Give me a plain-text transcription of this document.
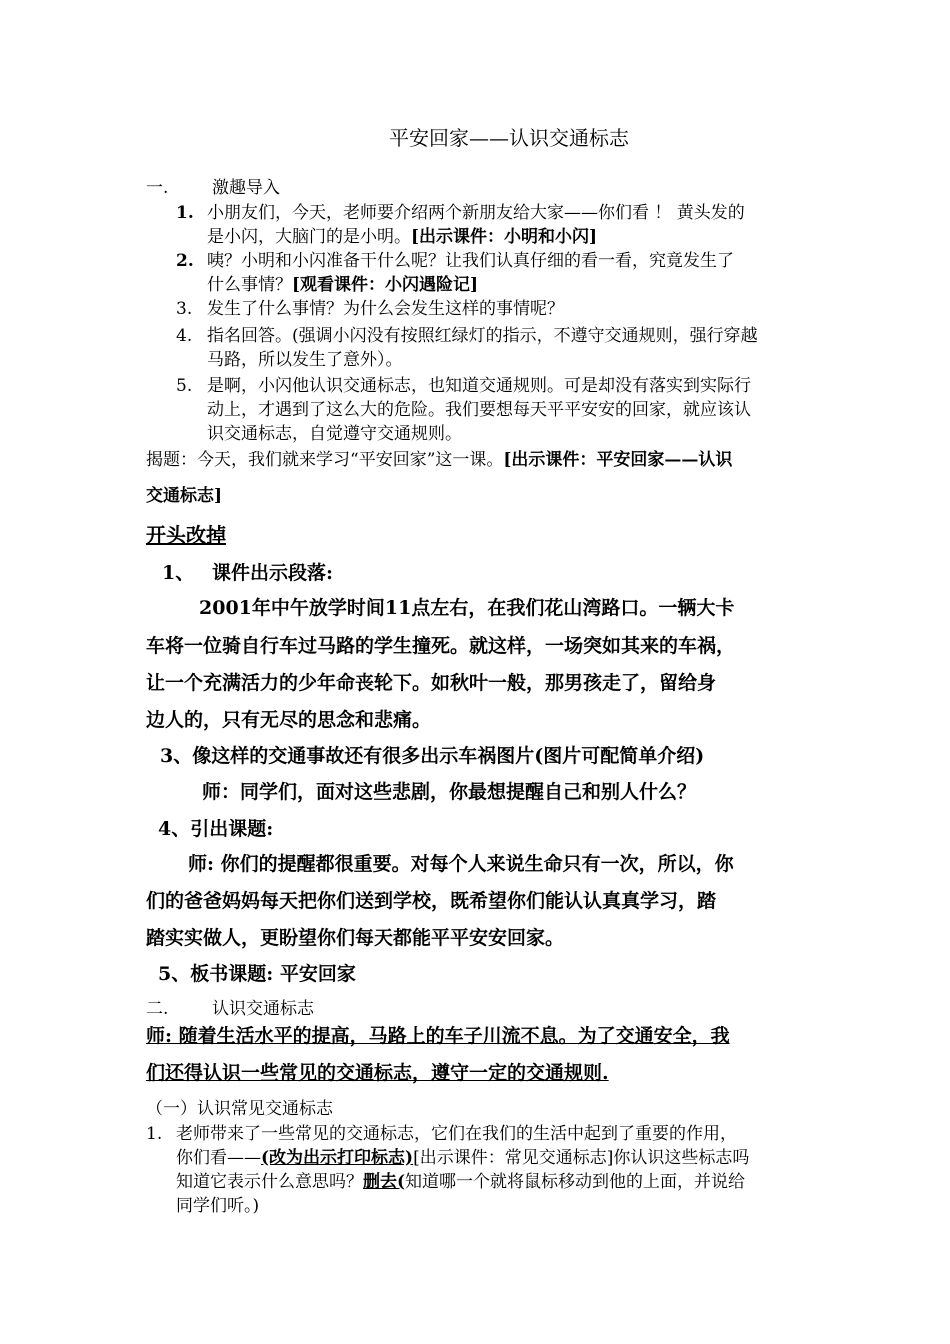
平安回家——认识交通标志
一.	激趣导入
1. 小朋友们，今天，老师要介绍两个新朋友给大家——你们看 ！ 黄头发的
是小闪，大脑门的是小明。[出示课件：小明和小闪]
2. 咦？小明和小闪准备干什么呢？让我们认真仔细的看一看，究竟发生了
什么事情？[观看课件：小闪遇险记]
3. 发生了什么事情？为什么会发生这样的事情呢？
4. 指名回答。(强调小闪没有按照红绿灯的指示，不遵守交通规则，强行穿越
马路，所以发生了意外）。
5. 是啊，小闪他认识交通标志，也知道交通规则。可是却没有落实到实际行
动上，才遇到了这么大的危险。我们要想每天平平安安的回家，就应该认
识交通标志，自觉遵守交通规则。
揭题：今天，我们就来学习“平安回家”这一课。[出示课件：平安回家——认识
交通标志]
开头改掉
1、 课件出示段落:
2001年中午放学时间11点左右，在我们花山湾路口。一辆大卡
车将一位骑自行车过马路的学生撞死。就这样，一场突如其来的车祸，
让一个充满活力的少年命丧轮下。如秋叶一般，那男孩走了，留给身
边人的，只有无尽的思念和悲痛。
3、像这样的交通事故还有很多出示车祸图片(图片可配简单介绍)
师：同学们，面对这些悲剧，你最想提醒自己和别人什么？
4、引出课题:
师: 你们的提醒都很重要。对每个人来说生命只有一次，所以，你
们的爸爸妈妈每天把你们送到学校，既希望你们能认认真真学习，踏
踏实实做人，更盼望你们每天都能平平安安回家。
5、板书课题: 平安回家
二.	认识交通标志
师: 随着生活水平的提高，马路上的车子川流不息。为了交通安全，我
们还得认识一些常见的交通标志，遵守一定的交通规则.
（一）认识常见交通标志
1. 老师带来了一些常见的交通标志，它们在我们的生活中起到了重要的作用，
你们看——(改为出示打印标志)[出示课件：常见交通标志]你认识这些标志吗
知道它表示什么意思吗？删去(知道哪一个就将鼠标移动到他的上面，并说给
同学们听。)
